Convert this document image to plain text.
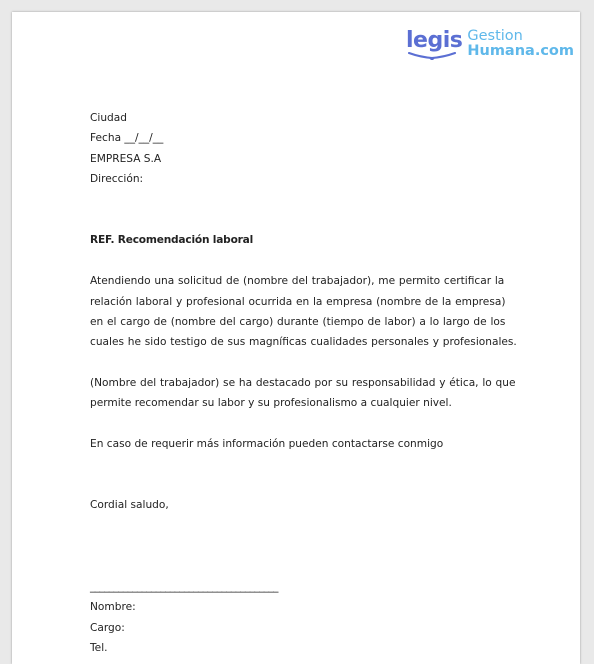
legis Gestion
Humana.com
Ciudad
Fecha __/__/__
EMPRESA S.A
Dirección:
REF. Recomendación laboral
Atendiendo una solicitud de (nombre del trabajador), me permito certificar la
relación laboral y profesional ocurrida en la empresa (nombre de la empresa)
en el cargo de (nombre del cargo) durante (tiempo de labor) a lo largo de los
cuales he sido testigo de sus magníficas cualidades personales y profesionales.
(Nombre del trabajador) se ha destacado por su responsabilidad y ética, lo que
permite recomendar su labor y su profesionalismo a cualquier nivel.
En caso de requerir más información pueden contactarse conmigo
Cordial saludo,
________________________________________
Nombre:
Cargo:
Tel.
